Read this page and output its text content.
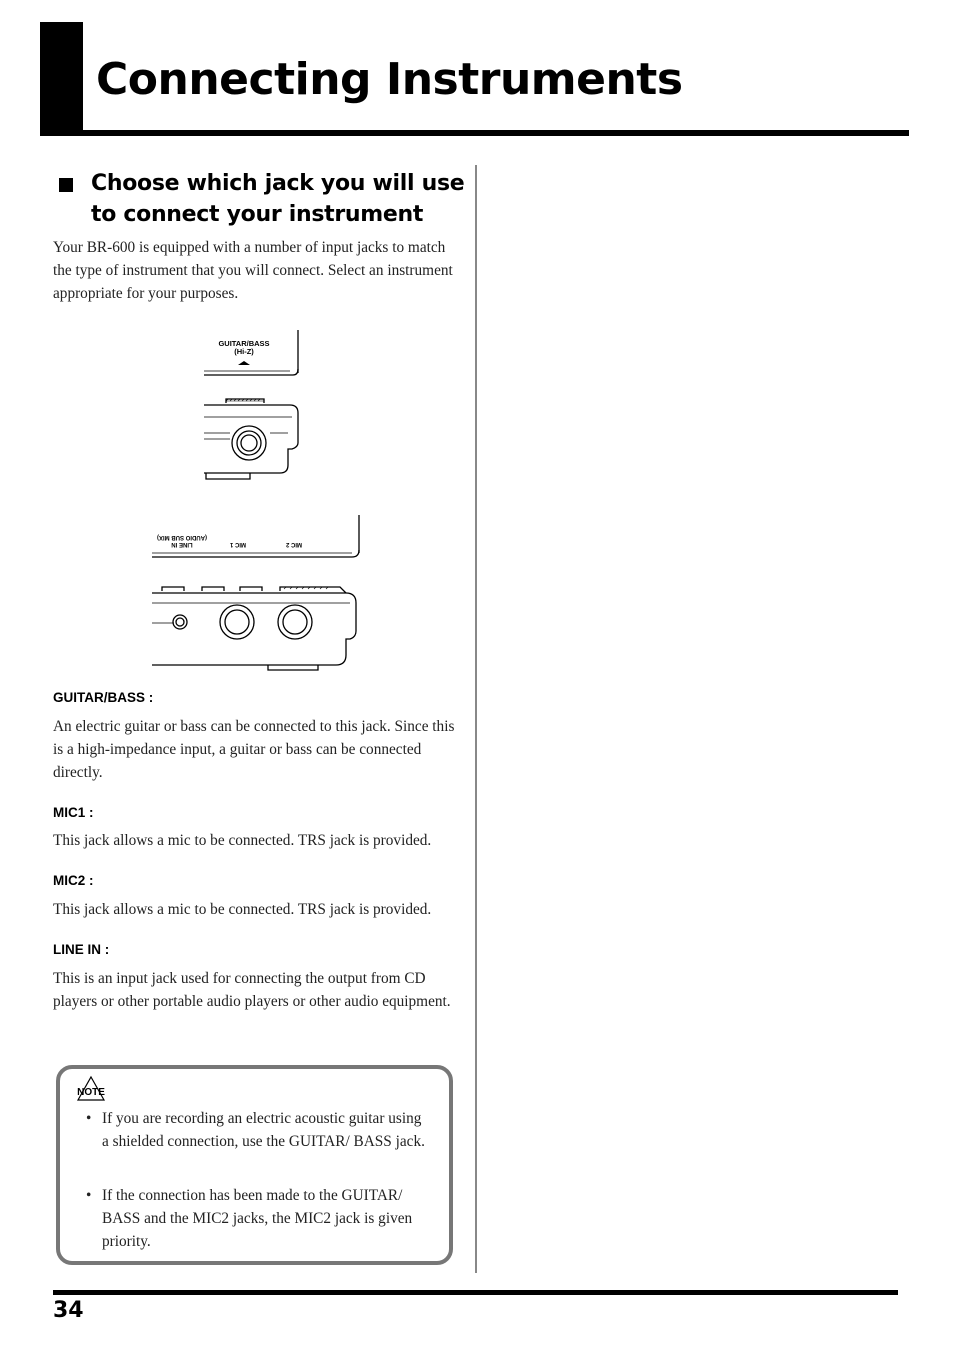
Connecting Instruments
Choose which jack you will use to connect your instrument

Your BR-600 is equipped with a number of input jacks to match the type of instrument that you will connect. Select an instrument appropriate for your purposes.

GUITAR/BASS
(Hi-Z)
LINE IN
(AUDIO SUB MIX)
MIC 1	MIC 2

GUITAR/BASS :

An electric guitar or bass can be connected to this jack. Since this is a high-impedance input, a guitar or bass can be connected directly.

MIC1 :

This jack allows a mic to be connected. TRS jack is provided.

MIC2 :

This jack allows a mic to be connected. TRS jack is provided.

LINE IN :

This is an input jack used for connecting the output from CD players or other portable audio players or other audio equipment.

NOTE
• If you are recording an electric acoustic guitar using a shielded connection, use the GUITAR/ BASS jack.
• If the connection has been made to the GUITAR/ BASS and the MIC2 jacks, the MIC2 jack is given priority.

34
